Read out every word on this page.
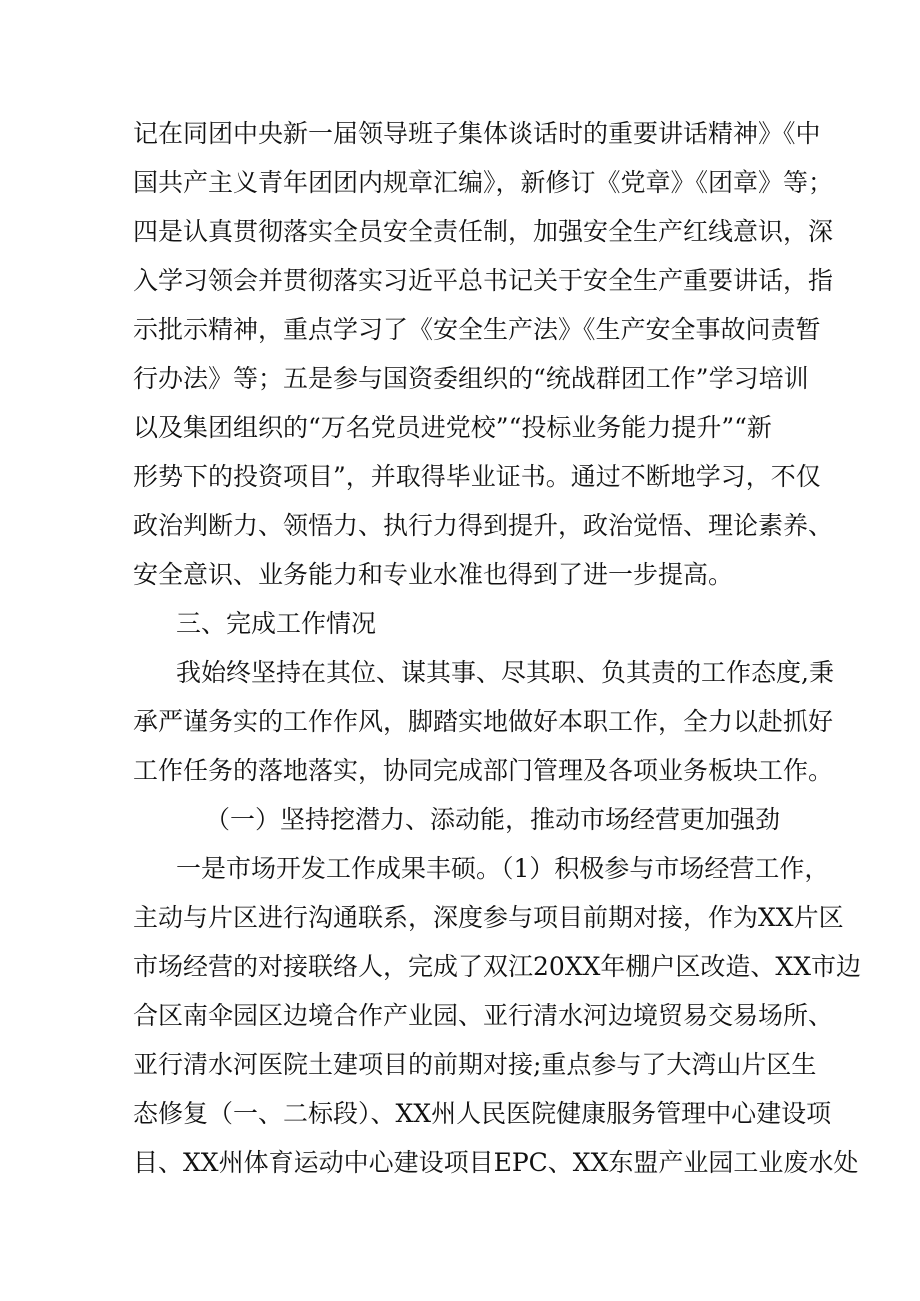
记在同团中央新一届领导班子集体谈话时的重要讲话精神》《中
国共产主义青年团团内规章汇编》，新修订《党章》《团章》等；
四是认真贯彻落实全员安全责任制，加强安全生产红线意识，深
入学习领会并贯彻落实习近平总书记关于安全生产重要讲话，指
示批示精神，重点学习了《安全生产法》《生产安全事故问责暂
行办法》等；五是参与国资委组织的“统战群团工作”学习培训
以及集团组织的“万名党员进党校”“投标业务能力提升”“新
形势下的投资项目”，并取得毕业证书。通过不断地学习，不仅
政治判断力、领悟力、执行力得到提升，政治觉悟、理论素养、
安全意识、业务能力和专业水准也得到了进一步提高。
三、完成工作情况
我始终坚持在其位、谋其事、尽其职、负其责的工作态度,秉
承严谨务实的工作作风，脚踏实地做好本职工作，全力以赴抓好
工作任务的落地落实，协同完成部门管理及各项业务板块工作。
（一）坚持挖潜力、添动能，推动市场经营更加强劲
一是市场开发工作成果丰硕。（1）积极参与市场经营工作，
主动与片区进行沟通联系，深度参与项目前期对接，作为XX片区
市场经营的对接联络人，完成了双江20XX年棚户区改造、XX市边
合区南伞园区边境合作产业园、亚行清水河边境贸易交易场所、
亚行清水河医院土建项目的前期对接;重点参与了大湾山片区生
态修复（一、二标段）、XX州人民医院健康服务管理中心建设项
目、XX州体育运动中心建设项目EPC、XX东盟产业园工业废水处
